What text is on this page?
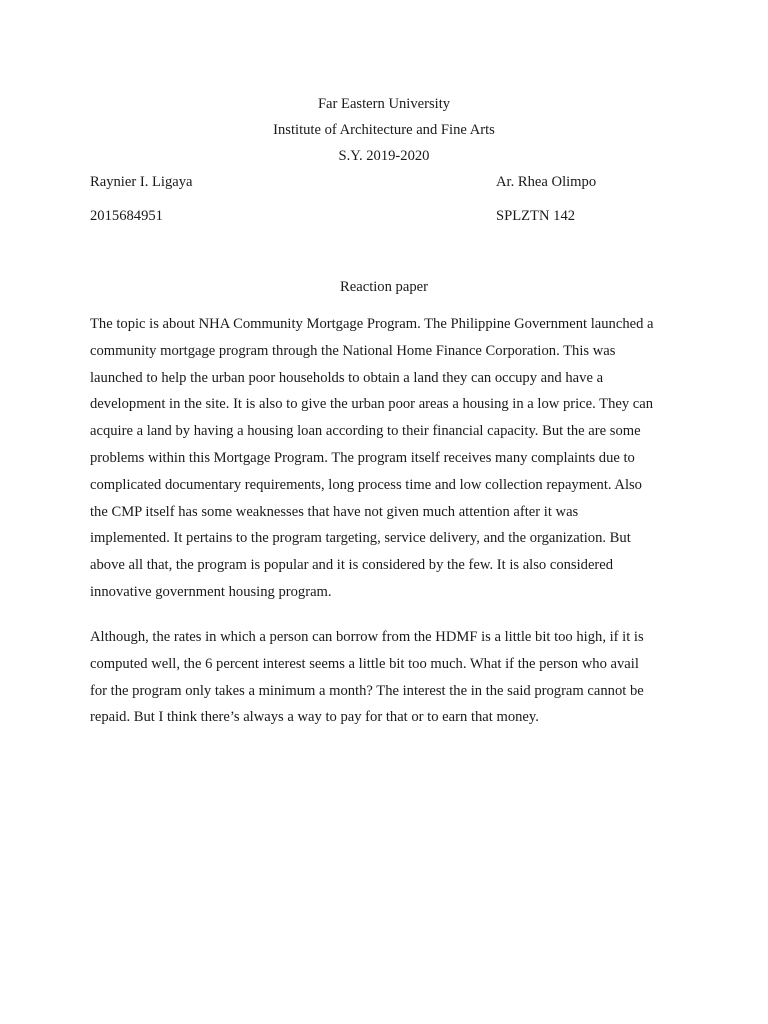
Far Eastern University
Institute of Architecture and Fine Arts
S.Y. 2019-2020
Raynier I. Ligaya	Ar. Rhea Olimpo
2015684951	SPLZTN 142
Reaction paper

The topic is about NHA Community Mortgage Program. The Philippine Government launched a
community mortgage program through the National Home Finance Corporation. This was
launched to help the urban poor households to obtain a land they can occupy and have a
development in the site. It is also to give the urban poor areas a housing in a low price. They can
acquire a land by having a housing loan according to their financial capacity. But the are some
problems within this Mortgage Program. The program itself receives many complaints due to
complicated documentary requirements, long process time and low collection repayment. Also
the CMP itself has some weaknesses that have not given much attention after it was
implemented. It pertains to the program targeting, service delivery, and the organization. But
above all that, the program is popular and it is considered by the few. It is also considered
innovative government housing program.

Although, the rates in which a person can borrow from the HDMF is a little bit too high, if it is
computed well, the 6 percent interest seems a little bit too much. What if the person who avail
for the program only takes a minimum a month? The interest the in the said program cannot be
repaid. But I think there’s always a way to pay for that or to earn that money.
